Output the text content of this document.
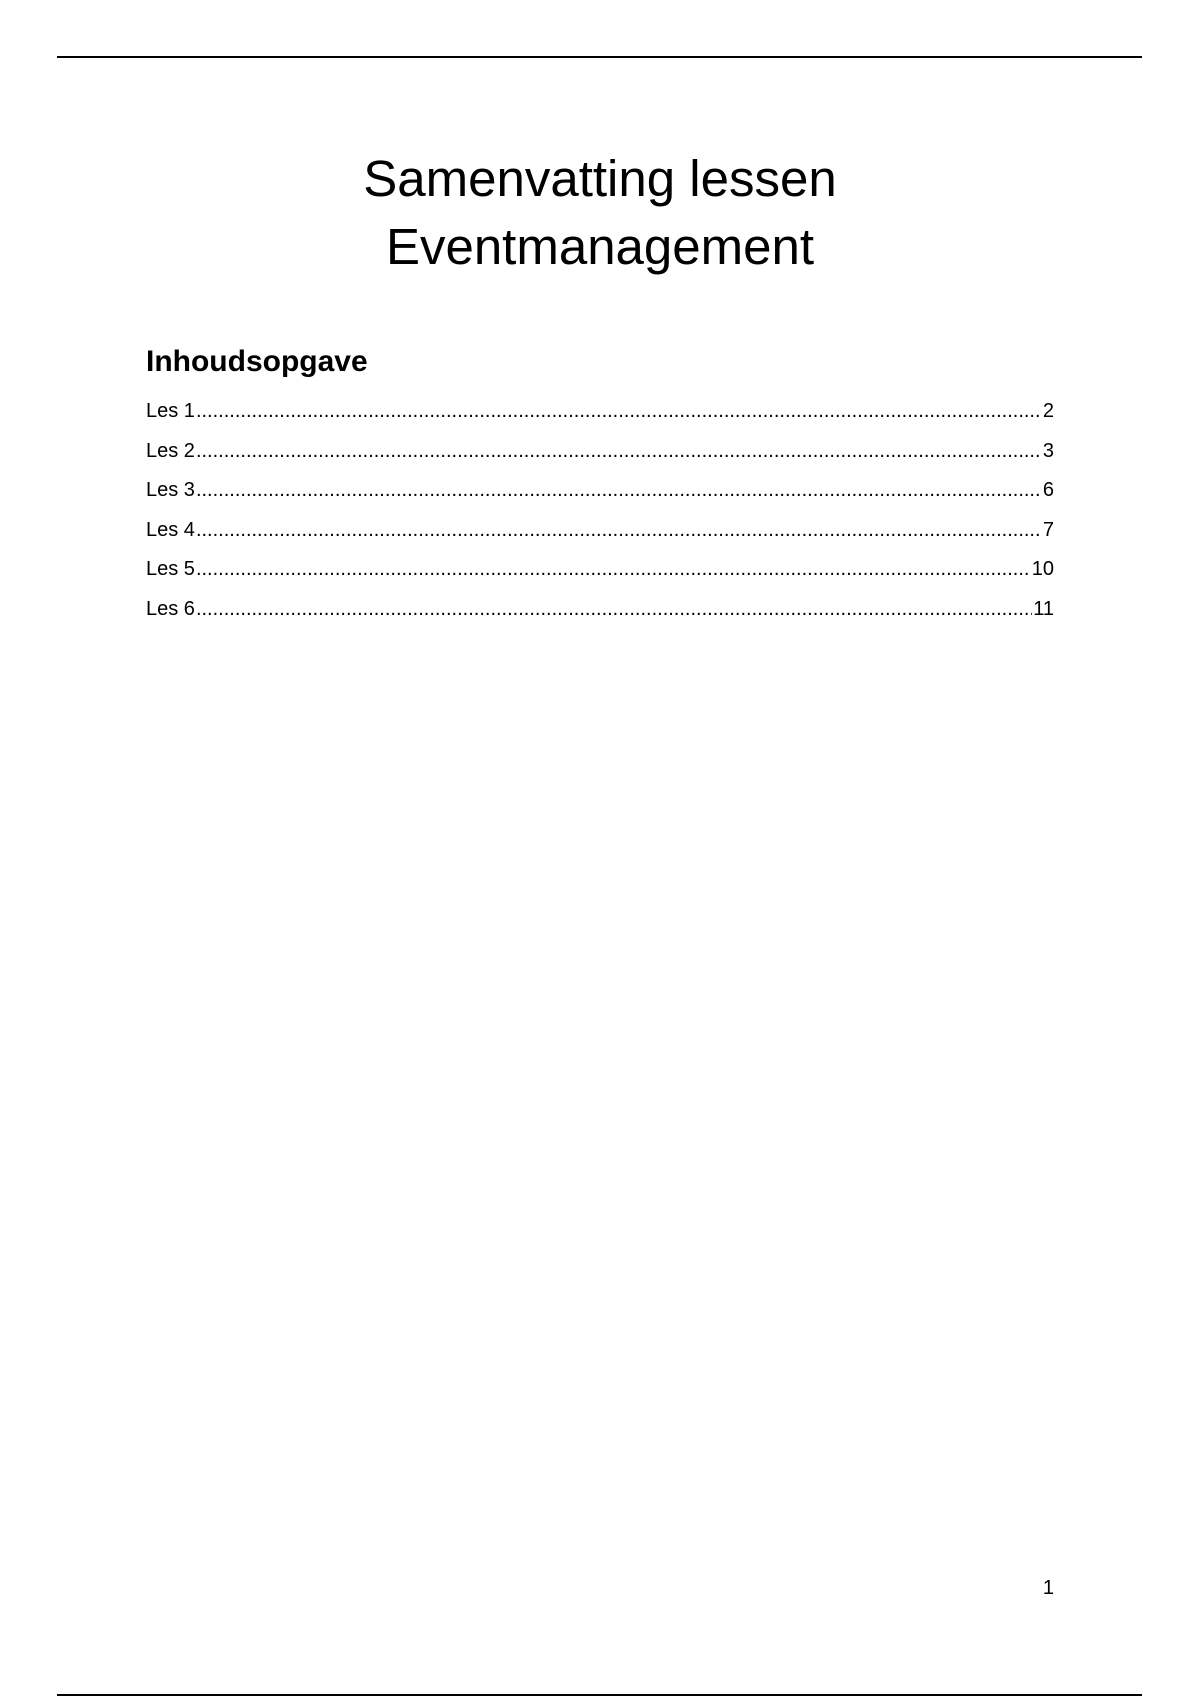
Samenvatting lessen
Eventmanagement
Inhoudsopgave
Les 1 .....	2
Les 2 .....	3
Les 3 .....	6
Les 4 .....	7
Les 5 .....	10
Les 6 .....	11
1
